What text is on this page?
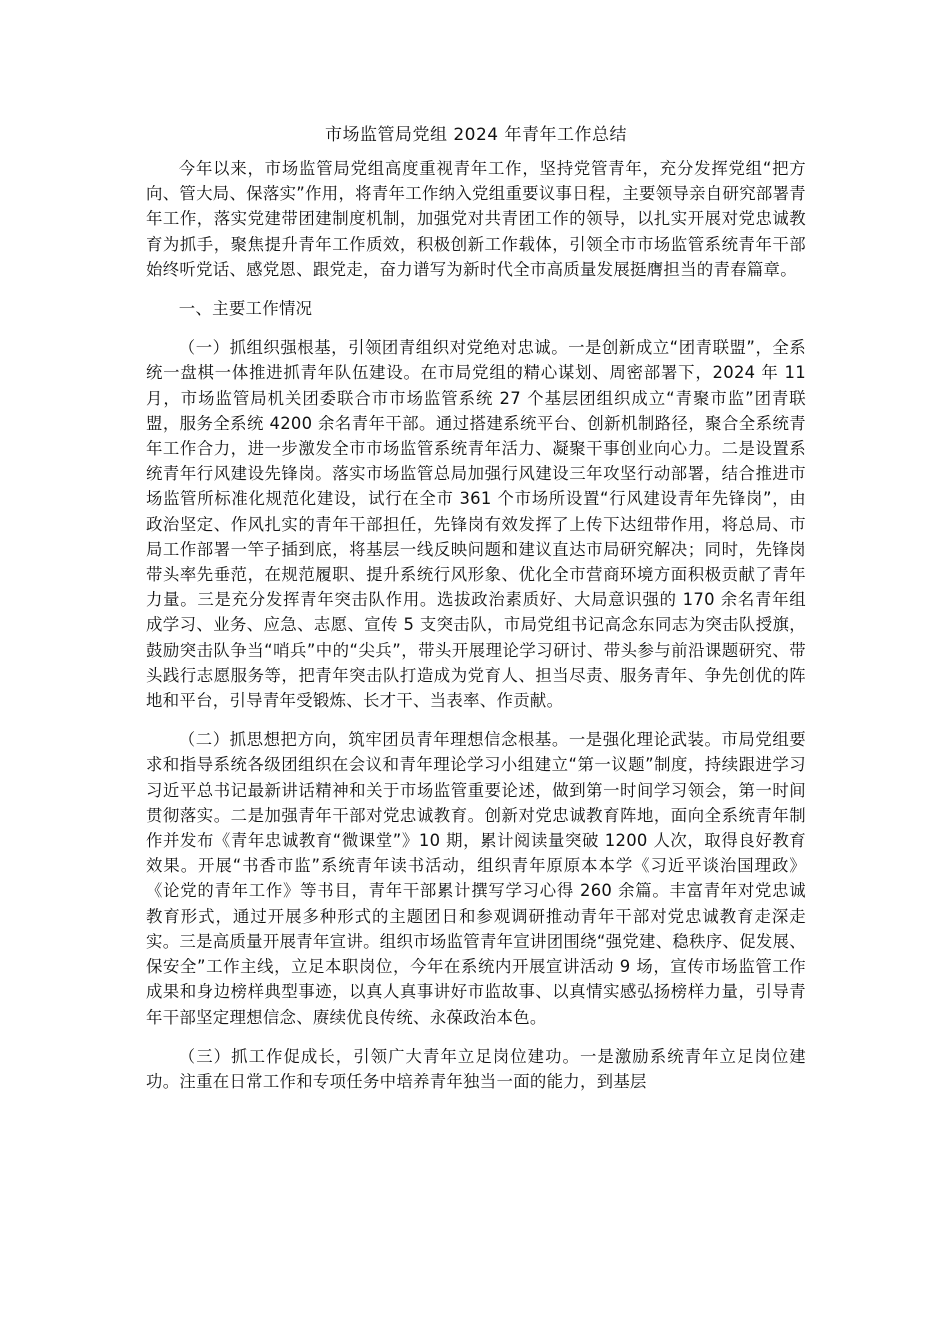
市场监管局党组 2024 年青年工作总结

今年以来，市场监管局党组高度重视青年工作，坚持党管青年，充分发挥党组“把方向、管大局、保落实”作用，将青年工作纳入党组重要议事日程，主要领导亲自研究部署青年工作，落实党建带团建制度机制，加强党对共青团工作的领导，以扎实开展对党忠诚教育为抓手，聚焦提升青年工作质效，积极创新工作载体，引领全市市场监管系统青年干部始终听党话、感党恩、跟党走，奋力谱写为新时代全市高质量发展挺膺担当的青春篇章。

一、主要工作情况

（一）抓组织强根基，引领团青组织对党绝对忠诚。一是创新成立“团青联盟”，全系统一盘棋一体推进抓青年队伍建设。在市局党组的精心谋划、周密部署下，2024 年 11 月，市场监管局机关团委联合市市场监管系统 27 个基层团组织成立“青聚市监”团青联盟，服务全系统 4200 余名青年干部。通过搭建系统平台、创新机制路径，聚合全系统青年工作合力，进一步激发全市市场监管系统青年活力、凝聚干事创业向心力。二是设置系统青年行风建设先锋岗。落实市场监管总局加强行风建设三年攻坚行动部署，结合推进市场监管所标准化规范化建设，试行在全市 361 个市场所设置“行风建设青年先锋岗”，由政治坚定、作风扎实的青年干部担任，先锋岗有效发挥了上传下达纽带作用，将总局、市局工作部署一竿子插到底，将基层一线反映问题和建议直达市局研究解决；同时，先锋岗带头率先垂范，在规范履职、提升系统行风形象、优化全市营商环境方面积极贡献了青年力量。三是充分发挥青年突击队作用。选拔政治素质好、大局意识强的 170 余名青年组成学习、业务、应急、志愿、宣传 5 支突击队，市局党组书记高念东同志为突击队授旗，鼓励突击队争当“哨兵”中的“尖兵”，带头开展理论学习研讨、带头参与前沿课题研究、带头践行志愿服务等，把青年突击队打造成为党育人、担当尽责、服务青年、争先创优的阵地和平台，引导青年受锻炼、长才干、当表率、作贡献。

（二）抓思想把方向，筑牢团员青年理想信念根基。一是强化理论武装。市局党组要求和指导系统各级团组织在会议和青年理论学习小组建立“第一议题”制度，持续跟进学习习近平总书记最新讲话精神和关于市场监管重要论述，做到第一时间学习领会，第一时间贯彻落实。二是加强青年干部对党忠诚教育。创新对党忠诚教育阵地，面向全系统青年制作并发布《青年忠诚教育“微课堂”》10 期，累计阅读量突破 1200 人次，取得良好教育效果。开展“书香市监”系统青年读书活动，组织青年原原本本学《习近平谈治国理政》《论党的青年工作》等书目，青年干部累计撰写学习心得 260 余篇。丰富青年对党忠诚教育形式，通过开展多种形式的主题团日和参观调研推动青年干部对党忠诚教育走深走实。三是高质量开展青年宣讲。组织市场监管青年宣讲团围绕“强党建、稳秩序、促发展、保安全”工作主线，立足本职岗位，今年在系统内开展宣讲活动 9 场，宣传市场监管工作成果和身边榜样典型事迹，以真人真事讲好市监故事、以真情实感弘扬榜样力量，引导青年干部坚定理想信念、赓续优良传统、永葆政治本色。

（三）抓工作促成长，引领广大青年立足岗位建功。一是激励系统青年立足岗位建功。注重在日常工作和专项任务中培养青年独当一面的能力，到基层
